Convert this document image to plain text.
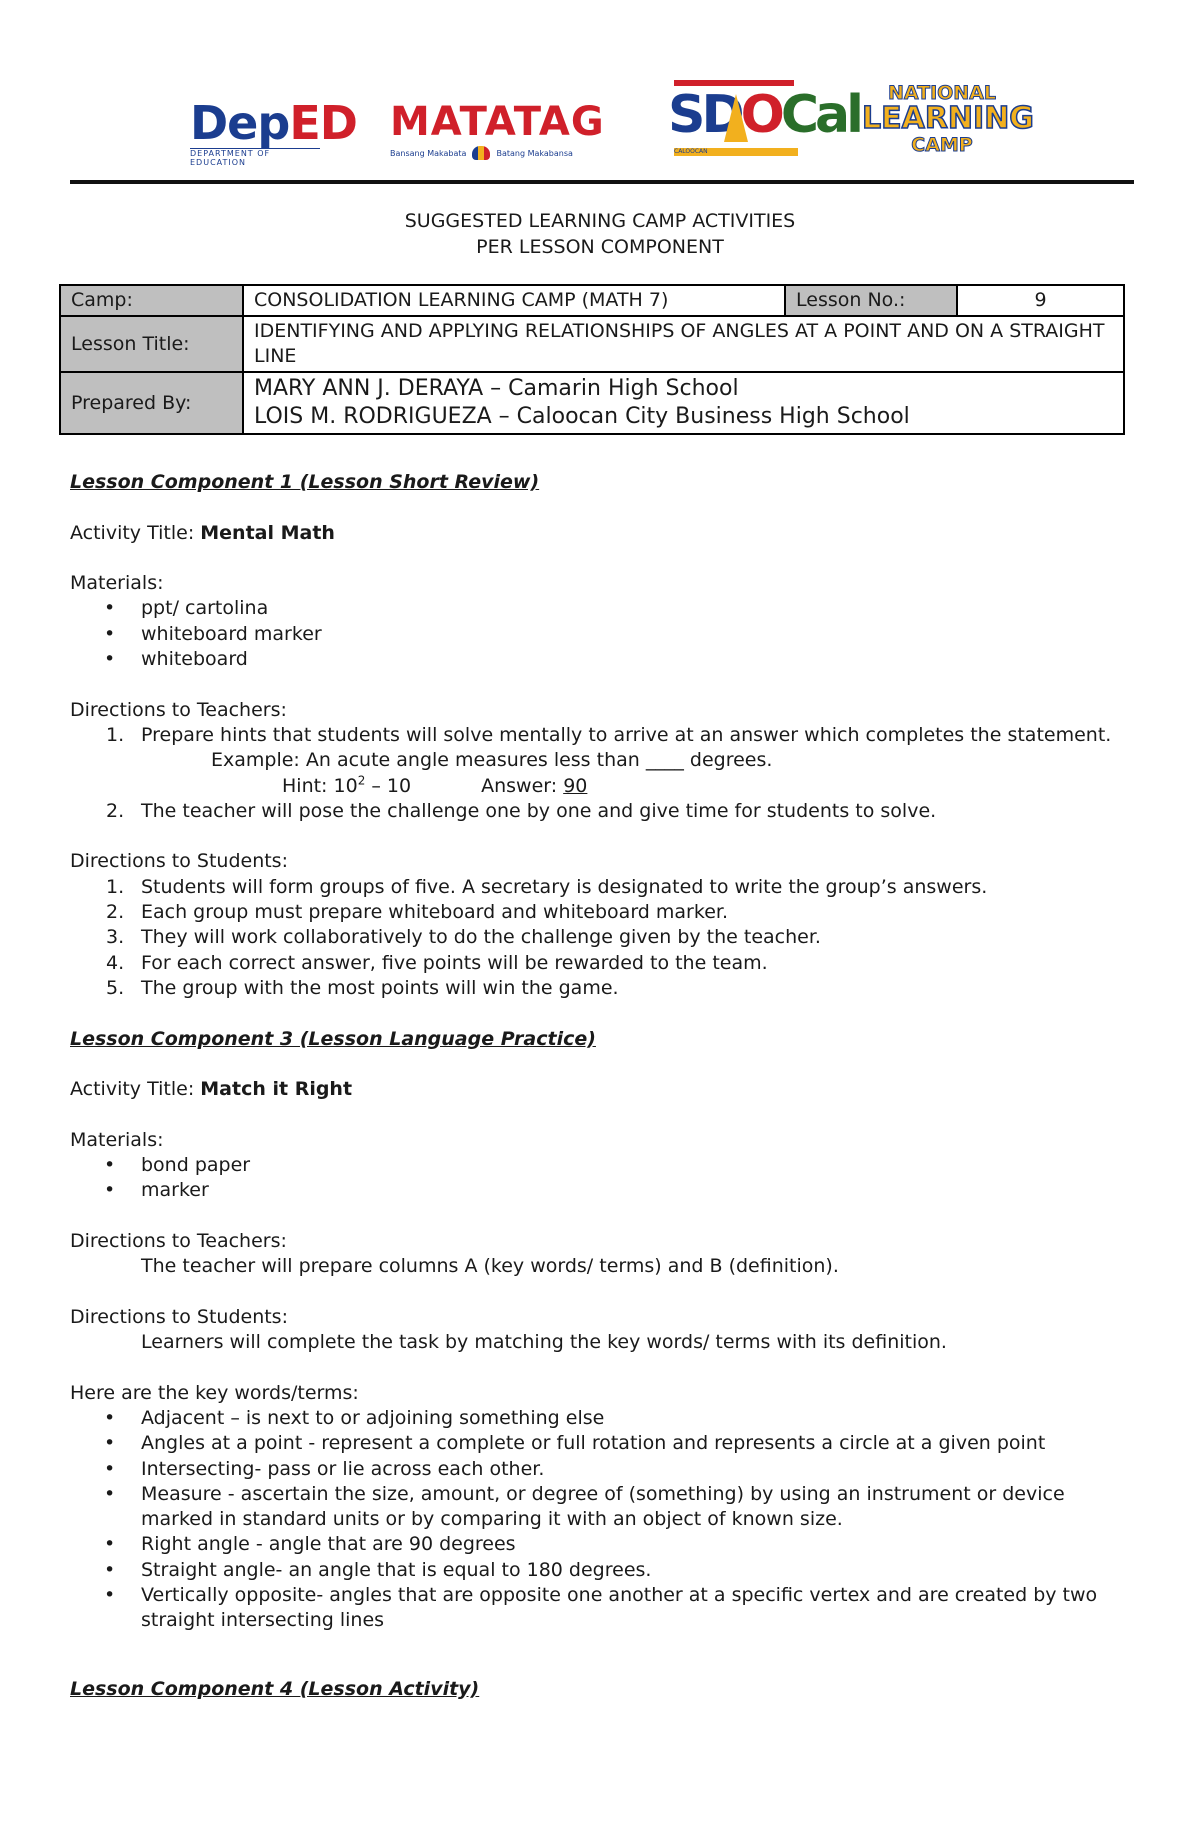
DepED
DEPARTMENT OF EDUCATION
MATATAG
Bansang Makabata	Batang Makabansa
SDOCal
CALOOCAN
NATIONAL
LEARNING
CAMP
SUGGESTED LEARNING CAMP ACTIVITIES
PER LESSON COMPONENT
Camp:	CONSOLIDATION LEARNING CAMP (MATH 7)	Lesson No.:	9
Lesson Title:	IDENTIFYING AND APPLYING RELATIONSHIPS OF ANGLES AT A POINT AND ON A STRAIGHT LINE		
Prepared By:	MARY ANN J. DERAYA – Camarin High School
LOIS M. RODRIGUEZA – Caloocan City Business High School		
Lesson Component 1 (Lesson Short Review)
Activity Title: Mental Math
Materials:
• ppt/ cartolina
• whiteboard marker
• whiteboard
Directions to Teachers:
1. Prepare hints that students will solve mentally to arrive at an answer which completes the statement.
Example: An acute angle measures less than ____ degrees.
Hint: $10^2 - 10$	Answer: 90
2. The teacher will pose the challenge one by one and give time for students to solve.
Directions to Students:
1. Students will form groups of five. A secretary is designated to write the group’s answers.
2. Each group must prepare whiteboard and whiteboard marker.
3. They will work collaboratively to do the challenge given by the teacher.
4. For each correct answer, five points will be rewarded to the team.
5. The group with the most points will win the game.
Lesson Component 3 (Lesson Language Practice)
Activity Title: Match it Right
Materials:
• bond paper
• marker
Directions to Teachers:
The teacher will prepare columns A (key words/ terms) and B (definition).
Directions to Students:
Learners will complete the task by matching the key words/ terms with its definition.
Here are the key words/terms:
• Adjacent – is next to or adjoining something else
• Angles at a point - represent a complete or full rotation and represents a circle at a given point
• Intersecting- pass or lie across each other.
• Measure - ascertain the size, amount, or degree of (something) by using an instrument or device marked in standard units or by comparing it with an object of known size.
• Right angle - angle that are 90 degrees
• Straight angle- an angle that is equal to 180 degrees.
• Vertically opposite- angles that are opposite one another at a specific vertex and are created by two straight intersecting lines
Lesson Component 4 (Lesson Activity)
